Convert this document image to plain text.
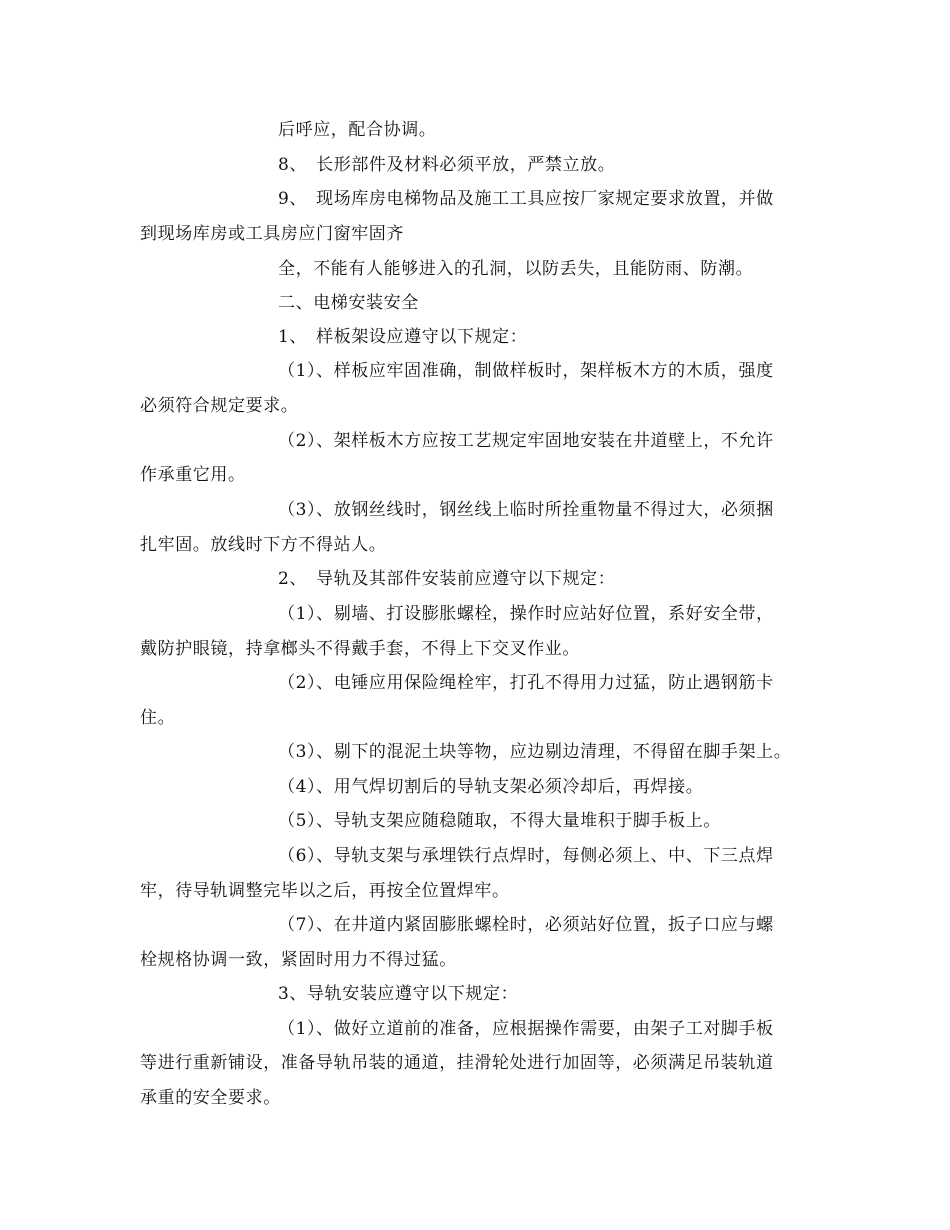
后呼应，配合协调。
8、　长形部件及材料必须平放，严禁立放。
9、　现场库房电梯物品及施工工具应按厂家规定要求放置，并做
到现场库房或工具房应门窗牢固齐
全，不能有人能够进入的孔洞，以防丢失，且能防雨、防潮。
二、电梯安装安全
1、　样板架设应遵守以下规定：
（1）、样板应牢固准确，制做样板时，架样板木方的木质，强度
必须符合规定要求。
（2）、架样板木方应按工艺规定牢固地安装在井道壁上，不允许
作承重它用。
（3）、放钢丝线时，钢丝线上临时所拴重物量不得过大，必须捆
扎牢固。放线时下方不得站人。
2、　导轨及其部件安装前应遵守以下规定：
（1）、剔墙、打设膨胀螺栓，操作时应站好位置，系好安全带，
戴防护眼镜，持拿榔头不得戴手套，不得上下交叉作业。
（2）、电锤应用保险绳栓牢，打孔不得用力过猛，防止遇钢筋卡
住。
（3）、剔下的混泥土块等物，应边剔边清理，不得留在脚手架上。
（4）、用气焊切割后的导轨支架必须冷却后，再焊接。
（5）、导轨支架应随稳随取，不得大量堆积于脚手板上。
（6）、导轨支架与承埋铁行点焊时，每侧必须上、中、下三点焊
牢，待导轨调整完毕以之后，再按全位置焊牢。
（7）、在井道内紧固膨胀螺栓时，必须站好位置，扳子口应与螺
栓规格协调一致，紧固时用力不得过猛。
3、导轨安装应遵守以下规定：
（1）、做好立道前的准备，应根据操作需要，由架子工对脚手板
等进行重新铺设，准备导轨吊装的通道，挂滑轮处进行加固等，必须满足吊装轨道
承重的安全要求。
